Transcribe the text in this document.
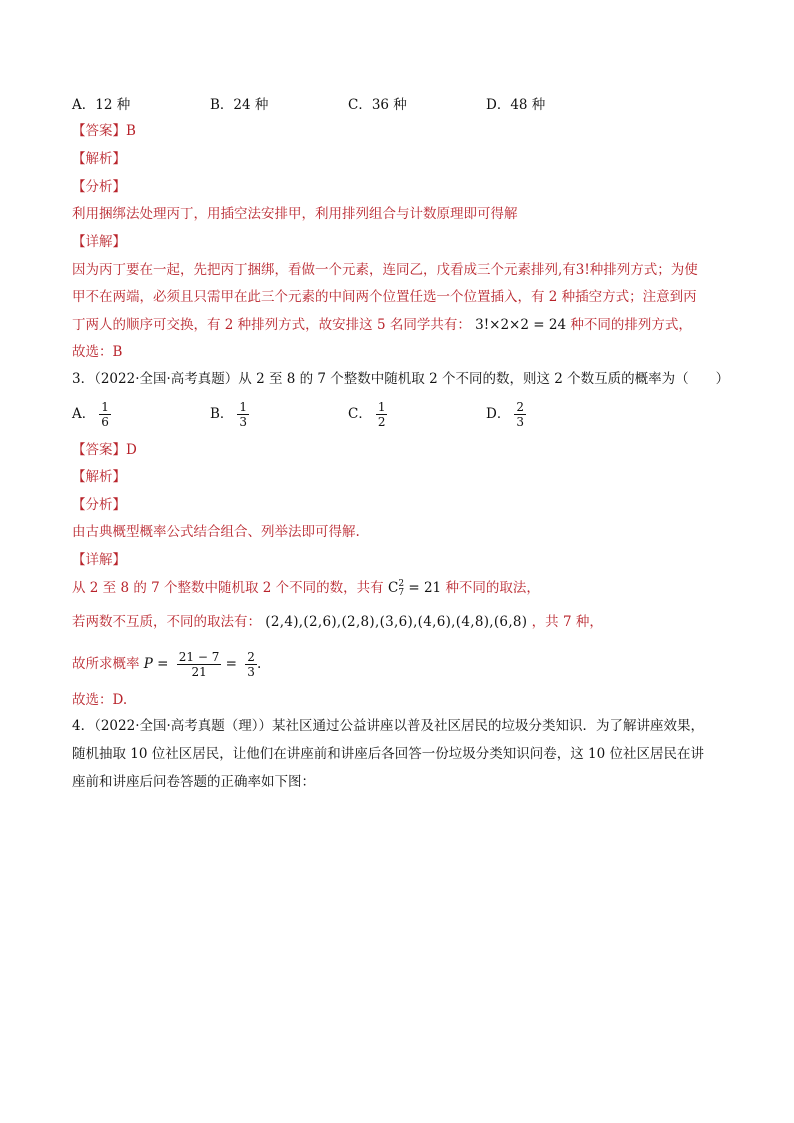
A．12 种	B．24 种	C．36 种	D．48 种
【答案】B
【解析】
【分析】
利用捆绑法处理丙丁，用插空法安排甲，利用排列组合与计数原理即可得解
【详解】
因为丙丁要在一起，先把丙丁捆绑，看做一个元素，连同乙，戊看成三个元素排列,有3!种排列方式；为使
甲不在两端，必须且只需甲在此三个元素的中间两个位置任选一个位置插入，有 2 种插空方式；注意到丙
丁两人的顺序可交换，有 2 种排列方式，故安排这 5 名同学共有： 3!×2×2 = 24 种不同的排列方式，
故选：B
3．（2022·全国·高考真题）从 2 至 8 的 7 个整数中随机取 2 个不同的数，则这 2 个数互质的概率为（　　）
A． $\frac{1}{6}$	B． $\frac{1}{3}$	C． $\frac{1}{2}$	D． $\frac{2}{3}$
【答案】D
【解析】
【分析】
由古典概型概率公式结合组合、列举法即可得解.
【详解】
从 2 至 8 的 7 个整数中随机取 2 个不同的数，共有 C 2
7 = 21 种不同的取法，
若两数不互质，不同的取法有： (2,4),(2,6),(2,8),(3,6),(4,6),(4,8),(6,8) ，共 7 种，
故所求概率 $P = \frac{21 - 7}{21} = \frac{2}{3}$ .
故选：D.
4．（2022·全国·高考真题（理））某社区通过公益讲座以普及社区居民的垃圾分类知识．为了解讲座效果，
随机抽取 10 位社区居民，让他们在讲座前和讲座后各回答一份垃圾分类知识问卷，这 10 位社区居民在讲
座前和讲座后问卷答题的正确率如下图：
